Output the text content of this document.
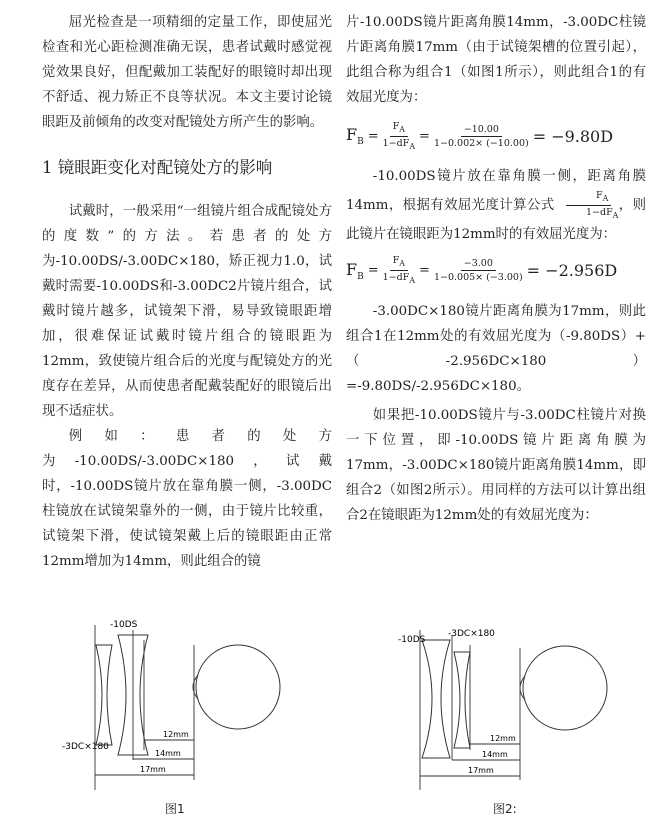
屈光检查是一项精细的定量工作，即使屈光检查和光心距检测准确无误，患者试戴时感觉视觉效果良好，但配戴加工装配好的眼镜时却出现不舒适、视力矫正不良等状况。本文主要讨论镜眼距及前倾角的改变对配镜处方所产生的影响。

1 镜眼距变化对配镜处方的影响

试戴时，一般采用“一组镜片组合成配镜处方的度数”的方法。若患者的处方为-10.00DS/-3.00DC×180，矫正视力1.0，试戴时需要-10.00DS和-3.00DC2片镜片组合，试戴时镜片越多，试镜架下滑，易导致镜眼距增加，很难保证试戴时镜片组合的镜眼距为12mm，致使镜片组合后的光度与配镜处方的光度存在差异，从而使患者配戴装配好的眼镜后出现不适症状。

例如：患者的处方为-10.00DS/-3.00DC×180，试戴时，-10.00DS镜片放在靠角膜一侧，-3.00DC柱镜放在试镜架靠外的一侧，由于镜片比较重，试镜架下滑，使试镜架戴上后的镜眼距由正常12mm增加为14mm，则此组合的镜

片-10.00DS镜片距离角膜14mm，-3.00DC柱镜片距离角膜17mm（由于试镜架槽的位置引起），此组合称为组合1（如图1所示），则此组合1的有效屈光度为：

$F_B = \frac{F_A}{1-dF_A} = \frac{-10.00}{1-0.002\times (-10.00)} = -9.80D$

-10.00DS镜片放在靠角膜一侧，距离角膜14mm，根据有效屈光度计算公式 $\frac{F_A}{1-dF_A}$ ，则此镜片在镜眼距为12mm时的有效屈光度为：

$F_B = \frac{F_A}{1-dF_A} = \frac{-3.00}{1-0.005\times (-3.00)} = -2.956D$

-3.00DC×180镜片距离角膜为17mm，则此组合1在12mm处的有效屈光度为（-9.80DS）+（-2.956DC×180）=-9.80DS/-2.956DC×180。

如果把-10.00DS镜片与-3.00DC柱镜片对换一下位置，即-10.00DS镜片距离角膜为17mm，-3.00DC×180镜片距离角膜14mm，即组合2（如图2所示）。用同样的方法可以计算出组合2在镜眼距为12mm处的有效屈光度为：

-10DS
-3DC×180
12mm
14mm
17mm
图1
-10DS
-3DC×180
12mm
14mm
17mm
图2:
